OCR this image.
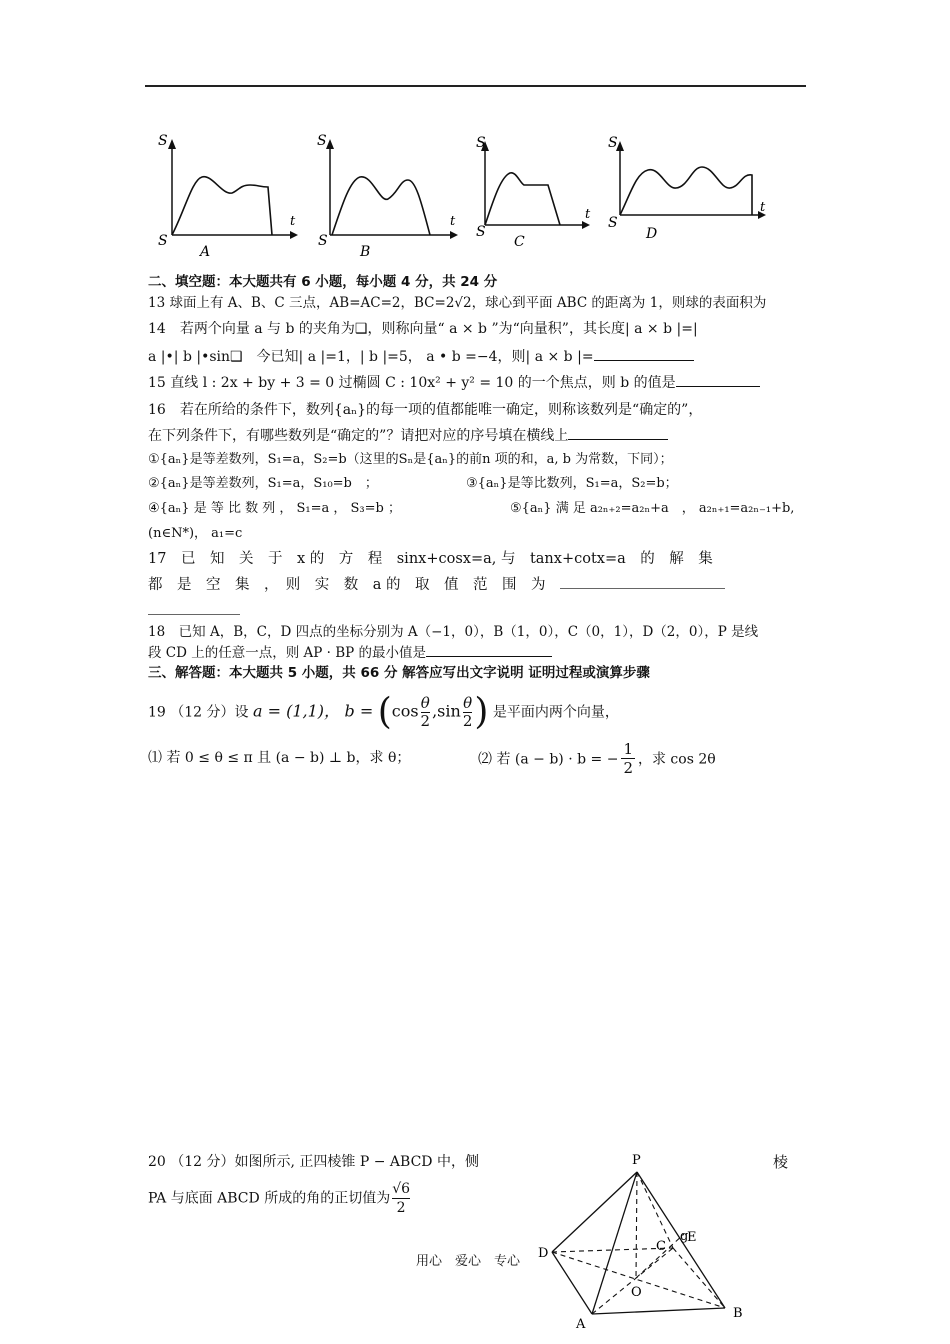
S
t
S
A
S
t
S
B
S
t
S
C
S
t
S
D
二、填空题：本大题共有 6 小题，每小题 4 分，共 24 分
13 球面上有 A、B、C 三点，AB=AC=2，BC=2√2，球心到平面 ABC 的距离为 1，则球的表面积为
14　若两个向量 a 与 b 的夹角为❑，则称向量“ a × b ”为“向量积”，其长度| a × b |=|
a |•| b |•sin❑　今已知| a |=1，| b |=5， a • b =−4，则| a × b |=
15 直线 l : 2x + by + 3 = 0 过椭圆 C : 10x² + y² = 10 的一个焦点，则 b 的值是
16　若在所给的条件下，数列{aₙ}的每一项的值都能唯一确定，则称该数列是“确定的”，
在下列条件下，有哪些数列是“确定的”？请把对应的序号填在横线上
①{aₙ}是等差数列，S₁=a，S₂=b（这里的Sₙ是{aₙ}的前n 项的和，a, b 为常数，下同）；
②{aₙ}是等差数列，S₁=a，S₁₀=b　；	③{aₙ}是等比数列，S₁=a，S₂=b；
④{aₙ} 是 等 比 数 列 ， S₁=a ， S₃=b ；	⑤{aₙ} 满 足 a₂ₙ₊₂=a₂ₙ+a　， a₂ₙ₊₁=a₂ₙ₋₁+b,
(n∈N*)， a₁=c
17　已　知　关　于　x 的　方　程　sinx+cosx=a, 与　tanx+cotx=a　的　解　集
都　是　空　集　，　则　实　数　a 的　取　值　范　围　为
18　已知 A，B，C，D 四点的坐标分别为 A（−1，0），B（1，0），C（0，1），D（2，0），P 是线
段 CD 上的任意一点，则 AP · BP 的最小值是
三、解答题：本大题共 5 小题，共 66 分 解答应写出文字说明 证明过程或演算步骤
19 （12 分）设 a = (1,1)， $b = (\cos \frac{\theta}{2} ,\sin \frac{\theta}{2}$ ) 是平面内两个向量，
⑴ 若 0 ≤ θ ≤ π 且 (a − b) ⊥ b，求 θ；	⑵ 若 (a − b) · b = − $\frac{1}{2}$ ，求 cos 2θ
20 （12 分）如图所示, 正四棱锥 P − ABCD 中，侧	棱
PA 与底面 ABCD 所成的角的正切值为 $\frac{√6}{2}$
P
D	C
g
E
O
A
B
用心　爱心　专心
